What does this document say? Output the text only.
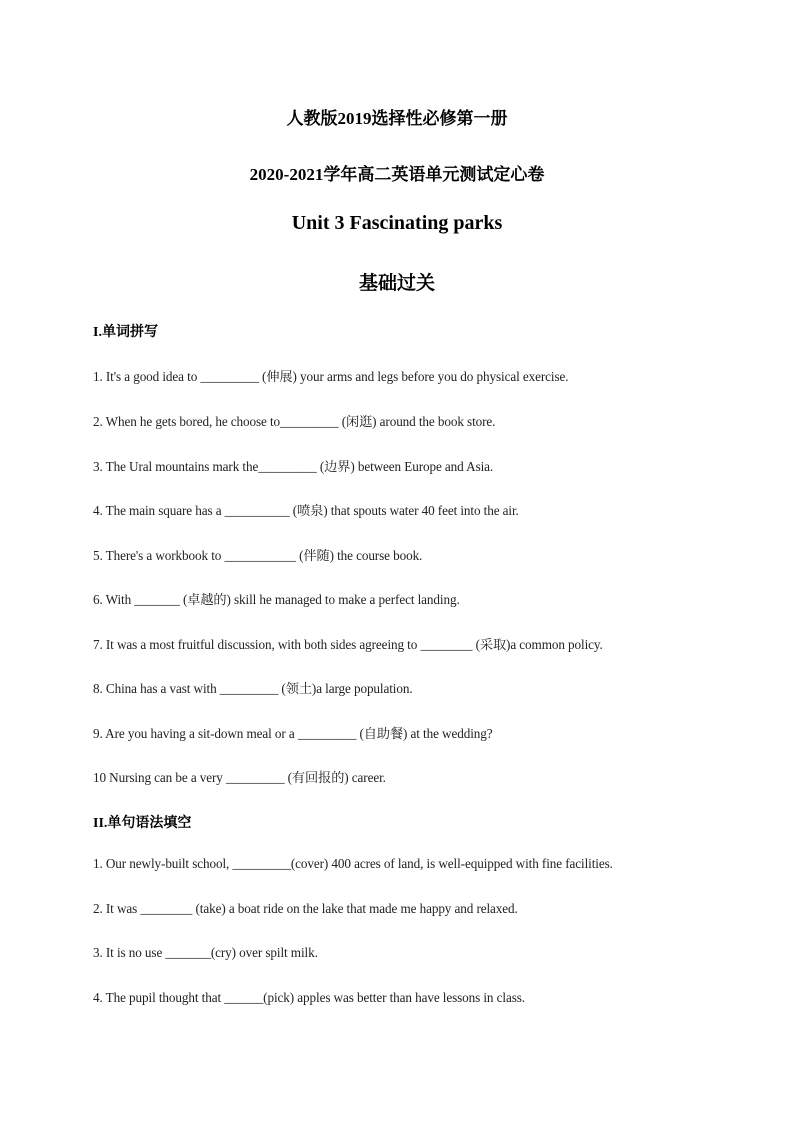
人教版2019选择性必修第一册
2020-2021学年高二英语单元测试定心卷
Unit 3 Fascinating parks
基础过关
I.单词拼写
1. It's a good idea to _________ (伸展) your arms and legs before you do physical exercise.
2. When he gets bored, he choose to_________ (闲逛) around the book store.
3. The Ural mountains mark the_________ (边界) between Europe and Asia.
4. The main square has a __________ (喷泉) that spouts water 40 feet into the air.
5. There's a workbook to ___________ (伴随) the course book.
6. With _______ (卓越的) skill he managed to make a perfect landing.
7. It was a most fruitful discussion, with both sides agreeing to ________ (采取)a common policy.
8. China has a vast with _________ (领土)a large population.
9. Are you having a sit-down meal or a _________ (自助餐) at the wedding?
10 Nursing can be a very _________ (有回报的) career.
II.单句语法填空
1. Our newly-built school, _________(cover) 400 acres of land, is well-equipped with fine facilities.
2. It was ________ (take) a boat ride on the lake that made me happy and relaxed.
3. It is no use _______(cry) over spilt milk.
4. The pupil thought that ______(pick) apples was better than have lessons in class.
